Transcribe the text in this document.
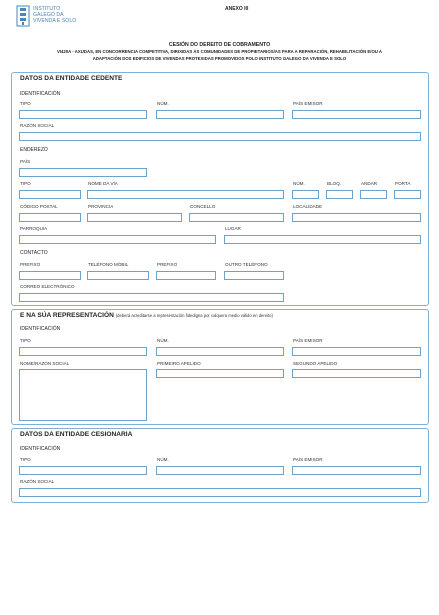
INSTITUTO
GALEGO DA
VIVENDA E SOLO
ANEXO III
CESIÓN DO DEREITO DE COBRAMENTO
VI420A - AXUDAS, EN CONCORRENCIA COMPETITIVA, DIRIXIDAS ÁS COMUNIDADES DE PROPIETARIOS/AS PARA A REPARACIÓN, REHABILITACIÓN E/OU A
ADAPTACIÓN DOS EDIFICIOS DE VIVENDAS PROTEXIDAS PROMOVIDOS POLO INSTITUTO GALEGO DA VIVENDA E SOLO
DATOS DA ENTIDADE CEDENTE
IDENTIFICACIÓN
TIPO	NÚM.	PAÍS EMISOR
RAZÓN SOCIAL
ENDEREZO
PAÍS
TIPO	NOME DA VÍA	NÚM.	BLOQ.	ANDAR	PORTA
CÓDIGO POSTAL	PROVINCIA	CONCELLO	LOCALIDADE
PARROQUIA	LUGAR
CONTACTO
PREFIXO	TELÉFONO MÓBIL	PREFIXO	OUTRO TELÉFONO
CORREO ELECTRÓNICO
E NA SÚA REPRESENTACIÓN (deberá acreditarse a representación fidedigna por calquera medio válido en dereito)
IDENTIFICACIÓN
TIPO	NÚM.	PAÍS EMISOR
NOME/RAZÓN SOCIAL	PRIMEIRO APELIDO	SEGUNDO APELIDO
DATOS DA ENTIDADE CESIONARIA
IDENTIFICACIÓN
TIPO	NÚM.	PAÍS EMISOR
RAZÓN SOCIAL
